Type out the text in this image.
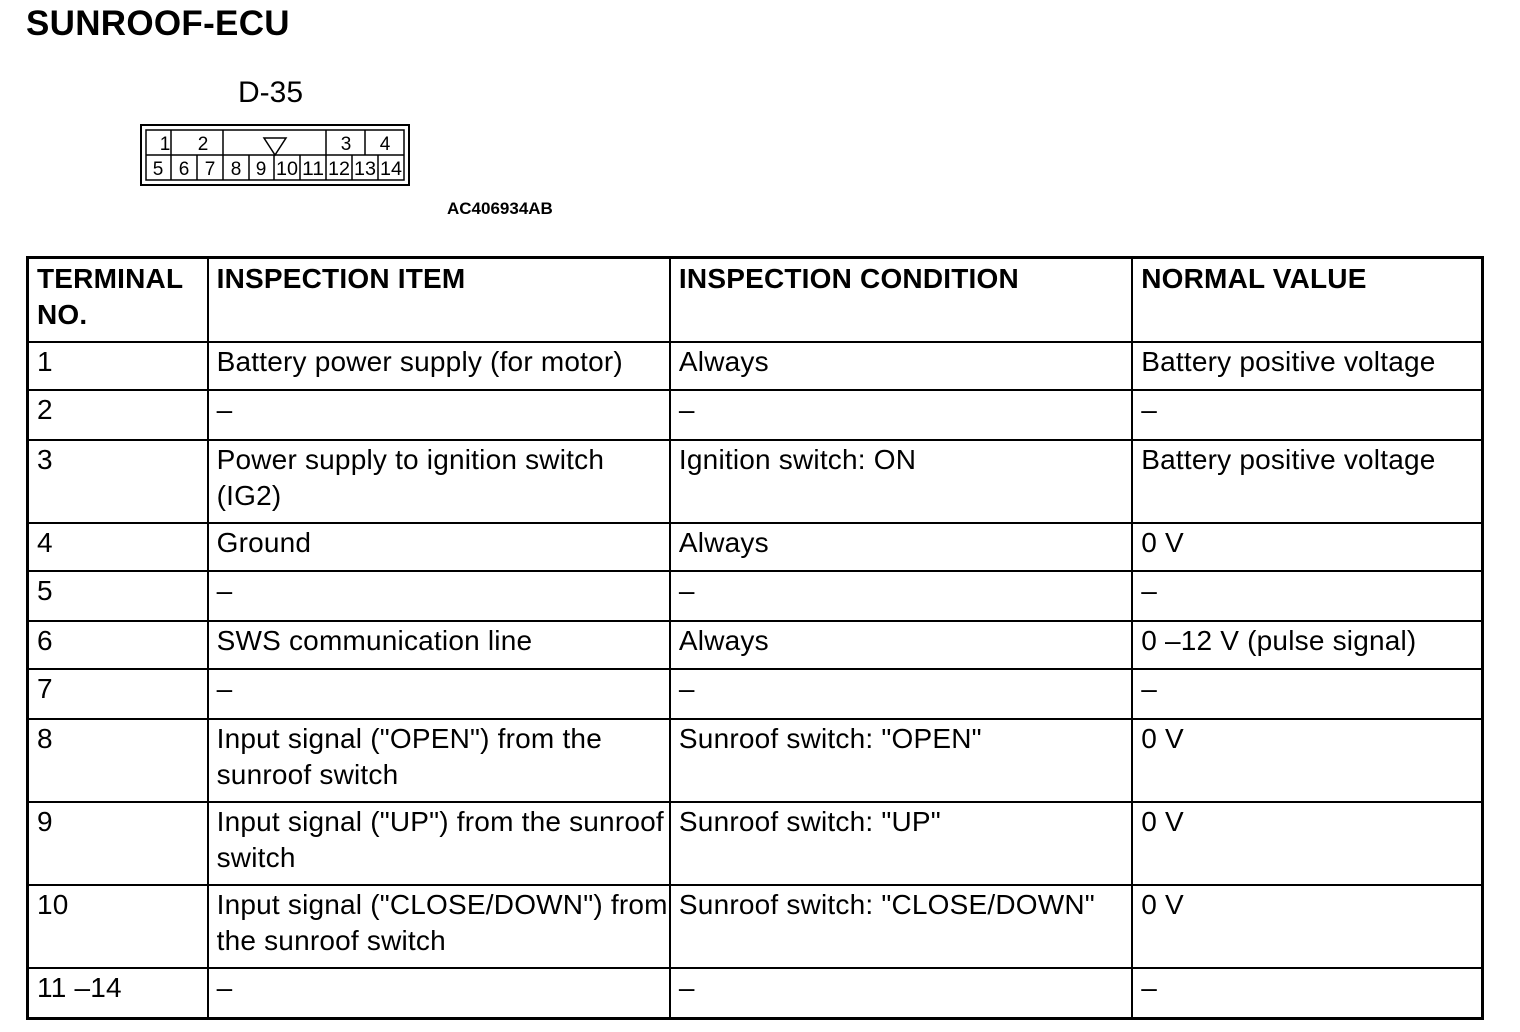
SUNROOF-ECU
D-35
1 2	3 4
5 6 7 8 9 10 11 12 13 14
AC406934AB
TERMINAL NO.	INSPECTION ITEM	INSPECTION CONDITION	NORMAL VALUE
1	Battery power supply (for motor)	Always	Battery positive voltage
2	–	–	–
3	Power supply to ignition switch (IG2)	Ignition switch: ON	Battery positive voltage
4	Ground	Always	0 V
5	–	–	–
6	SWS communication line	Always	0 –12 V (pulse signal)
7	–	–	–
8	Input signal ("OPEN") from the sunroof switch	Sunroof switch: "OPEN"	0 V
9	Input signal ("UP") from the sunroof switch	Sunroof switch: "UP"	0 V
10	Input signal ("CLOSE/DOWN") from the sunroof switch	Sunroof switch: "CLOSE/DOWN"	0 V
11 –14	–	–	–
